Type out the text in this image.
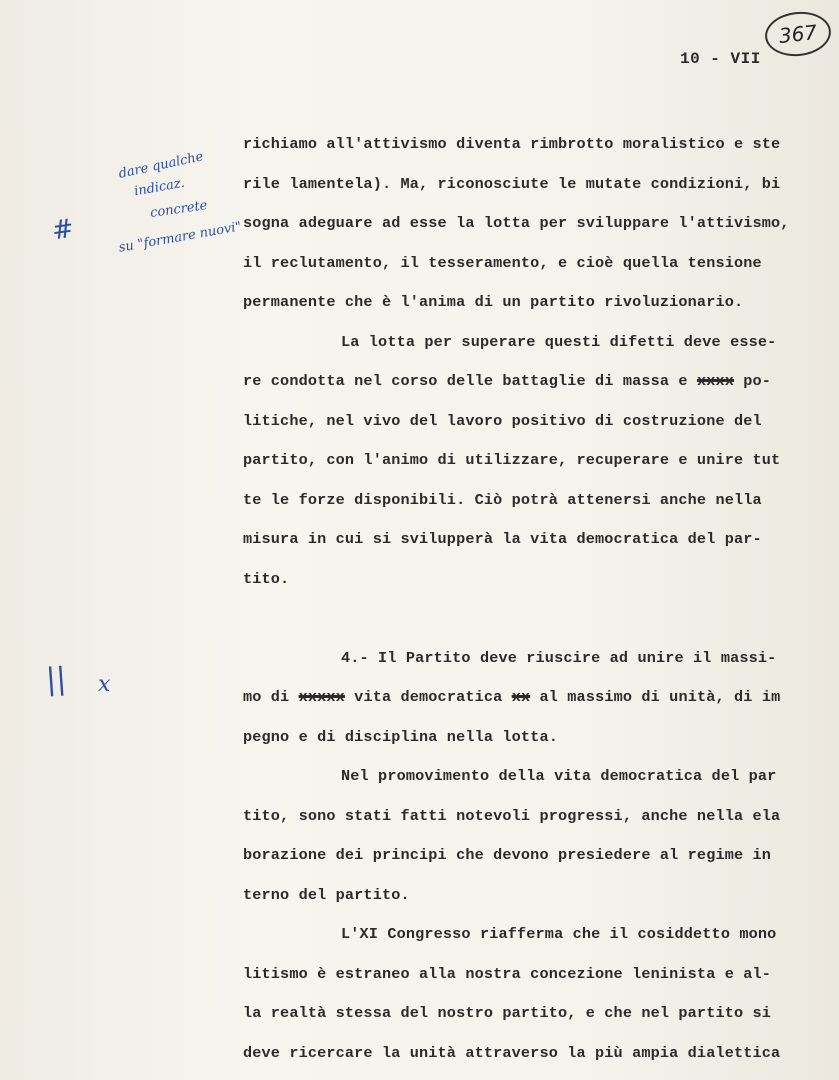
367
10 - VII
dare qualche
indicaz.
concrete
su "formare nuovi"
#
|| x
richiamo all'attivismo diventa rimbrotto moralistico e ste
rile lamentela). Ma, riconosciute le mutate condizioni, bi
sogna adeguare ad esse la lotta per sviluppare l'attivismo,
il reclutamento, il tesseramento, e cioè quella tensione
permanente che è l'anima di un partito rivoluzionario.
La lotta per superare questi difetti deve esse-
re condotta nel corso delle battaglie di massa e xxxx po-
litiche, nel vivo del lavoro positivo di costruzione del
partito, con l'animo di utilizzare, recuperare e unire tut
te le forze disponibili. Ciò potrà attenersi anche nella
misura in cui si svilupperà la vita democratica del par-
tito.
4.- Il Partito deve riuscire ad unire il massi-
mo di xxxxx vita democratica xx al massimo di unità, di im
pegno e di disciplina nella lotta.
Nel promovimento della vita democratica del par
tito, sono stati fatti notevoli progressi, anche nella ela
borazione dei principi che devono presiedere al regime in
terno del partito.
L'XI Congresso riafferma che il cosiddetto mono
litismo è estraneo alla nostra concezione leninista e al-
la realtà stessa del nostro partito, e che nel partito si
deve ricercare la unità attraverso la più ampia dialettica
